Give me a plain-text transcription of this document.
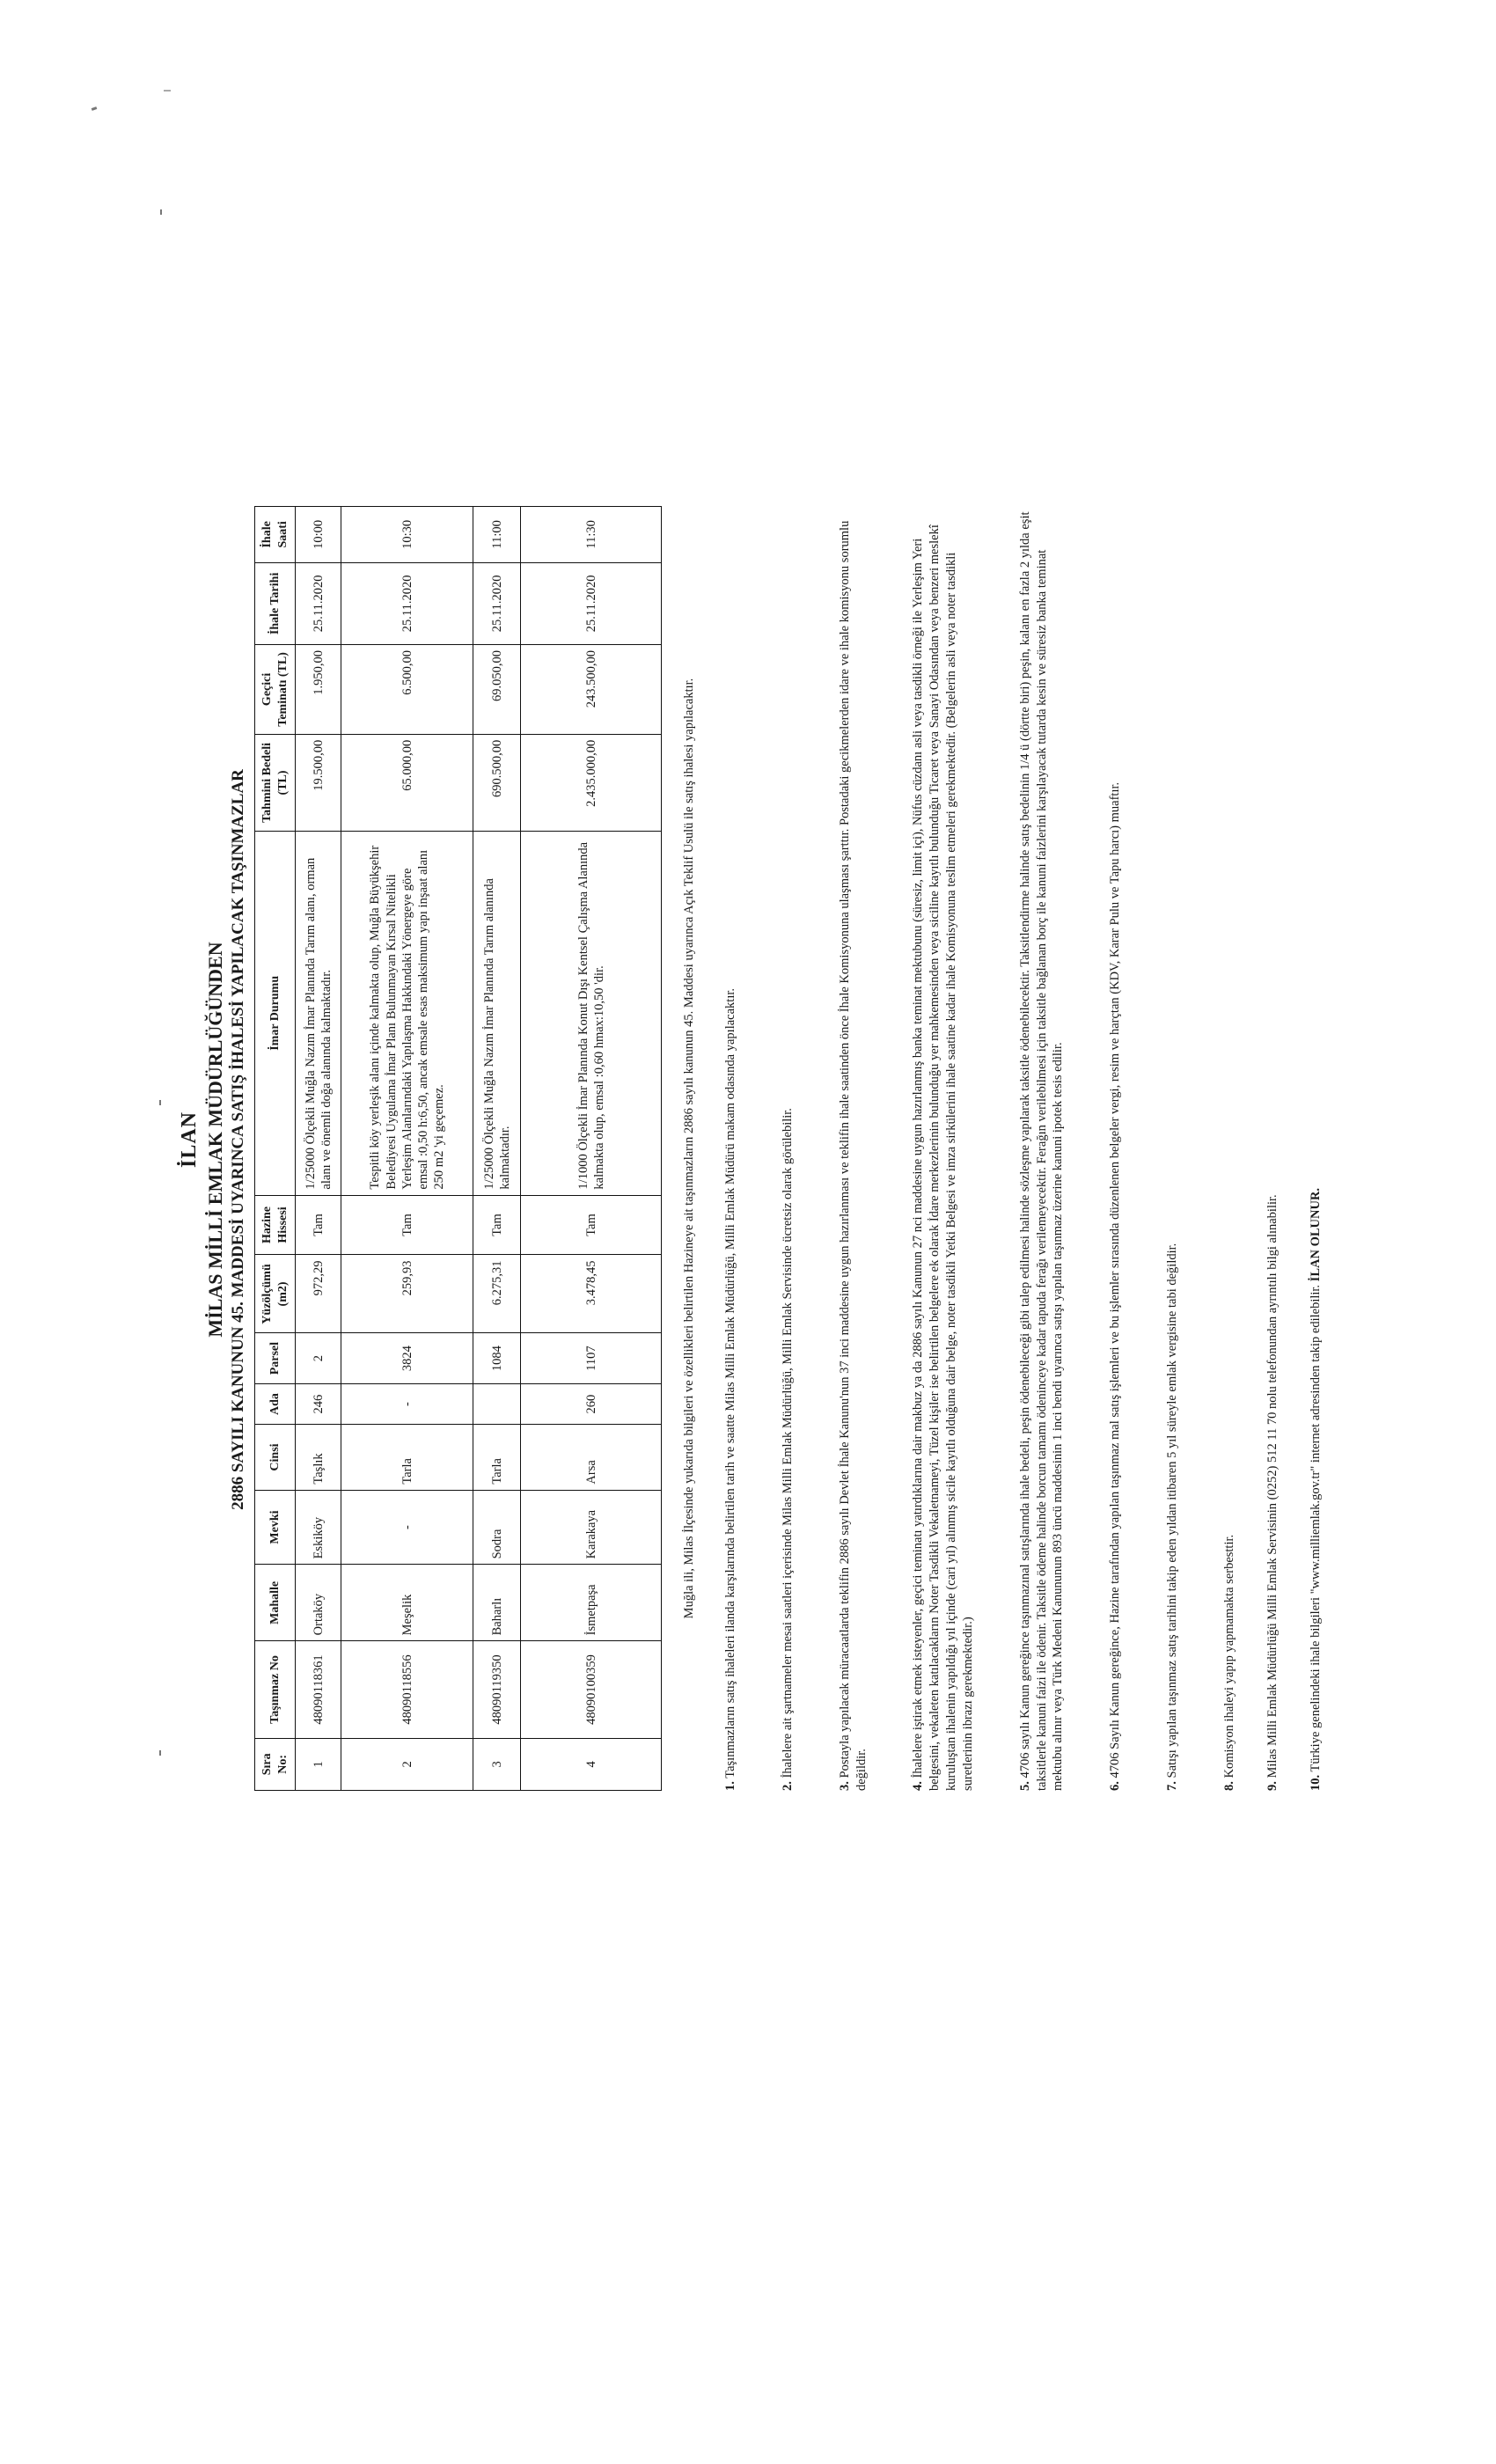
İLAN MİLAS MİLLİ EMLAK MÜDÜRLÜĞÜNDEN 2886 SAYILI KANUNUN 45. MADDESİ UYARINCA SATIŞ İHALESİ YAPILACAK TAŞINMAZLAR
Sıra No:	Taşınmaz No	Mahalle	Mevki	Cinsi	Ada	Parsel	Yüzölçümü (m2)	Hazine Hissesi	İmar Durumu	Tahmini Bedeli (TL)	Geçici Teminatı (TL)	İhale Tarihi	İhale Saati
1	48090118361	Ortaköy	Eskiköy	Taşlık	246	2	972,29	Tam	1/25000 Ölçekli Muğla Nazım İmar Planında Tarım alanı, orman alanı ve önemli doğa alanında kalmaktadır.	19.500,00	1.950,00	25.11.2020	10:00
2	48090118556	Meşelik	-	Tarla	-	3824	259,93	Tam	Tespitli köy yerleşik alanı içinde kalmakta olup, Muğla Büyükşehir Belediyesi Uygulama İmar Planı Bulunmayan Kırsal Nitelikli Yerleşim Alanlarındaki Yapılaşma Hakkındaki Yönergeye göre emsal :0,50 h:6,50, ancak emsale esas maksimum yapı inşaat alanı 250 m2 'yi geçemez.	65.000,00	6.500,00	25.11.2020	10:30
3	48090119350	Baharlı	Sodra	Tarla		1084	6.275,31	Tam	1/25000 Ölçekli Muğla Nazım İmar Planında Tarım alanında kalmaktadır.	690.500,00	69.050,00	25.11.2020	11:00
4	48090100359	İsmetpaşa	Karakaya	Arsa	260	1107	3.478,45	Tam	1/1000 Ölçekli İmar Planında Konut Dışı Kentsel Çalışma Alanında kalmakta olup, emsal :0,60 hmax:10,50 'dir.	2.435.000,00	243.500,00	25.11.2020	11:30

Muğla ili, Milas İlçesinde yukarıda bilgileri ve özellikleri belirtilen Hazineye ait taşınmazların 2886 sayılı kanunun 45. Maddesi uyarınca Açık Teklif Usulü ile satış ihalesi yapılacaktır.

1. Taşınmazların satış ihaleleri ilanda karşılarında belirtilen tarih ve saatte Milas Milli Emlak Müdürlüğü, Milli Emlak Müdürü makam odasında yapılacaktır.

2. İhalelere ait şartnameler mesai saatleri içerisinde Milas Milli Emlak Müdürlüğü, Milli Emlak Servisinde ücretsiz olarak görülebilir.

3. Postayla yapılacak müracaatlarda teklifin 2886 sayılı Devlet İhale Kanunu'nun 37 inci maddesine uygun hazırlanması ve teklifin ihale saatinden önce İhale Komisyonuna ulaşması şarttır. Postadaki gecikmelerden idare ve ihale komisyonu sorumlu değildir.	4. İhalelere iştirak etmek isteyenler, geçici teminatı yatırdıklarına dair makbuz ya da 2886 sayılı Kanunun 27 nci maddesine uygun hazırlanmış banka teminat mektubunu (süresiz, limit içi), Nüfus cüzdanı asli veya tasdikli örneği ile Yerleşim Yeri belgesini, vekaleten katılacakların Noter Tasdikli Vekaletnameyi, Tüzel kişiler ise belirtilen belgelere ek olarak İdare merkezlerinin bulunduğu yer mahkemesinden veya siciline kayıtlı bulunduğu Ticaret veya Sanayi Odasından veya benzeri meslekî kuruluştan ihalenin yapıldığı yıl içinde (cari yıl) alınmış sicile kayıtlı olduğuna dair belge, noter tasdikli Yetki Belgesi ve imza sirkülerini ihale saatine kadar ihale Komisyonuna teslim etmeleri gerekmektedir. (Belgelerin asli veya noter tasdikli suretlerinin ibrazı gerekmektedir.)	5. 4706 sayılı Kanun gereğince taşınmazınal satışlarında ihale bedeli, peşin ödenebileceği gibi talep edilmesi halinde sözleşme yapılarak taksitle ödenebilecektir. Taksitlendirme halinde satış bedelinin 1/4 ü (dörtte biri) peşin, kalanı en fazla 2 yılda eşit taksitlerle kanuni faizi ile ödenir. Taksitle ödeme halinde borcun tamamı ödeninceye kadar tapuda ferağı verilemeyecektir. Ferağın verilebilmesi için taksitle bağlanan borç ile kanuni faizlerini karşılayacak tutarda kesin ve süresiz banka teminat mektubu alınır veya Türk Medeni Kanununun 893 üncü maddesinin 1 inci bendi uyarınca satışı yapılan taşınmaz üzerine kanuni ipotek tesis edilir.	6. 4706 Sayılı Kanun gereğince, Hazine tarafından yapılan taşınmaz mal satış işlemleri ve bu işlemler sırasında düzenlenen belgeler vergi, resim ve harçtan (KDV, Karar Pulu ve Tapu harcı) muaftır.

7. Satışı yapılan taşınmaz satış tarihini takip eden yıldan itibaren 5 yıl süreyle emlak vergisine tabi değildir.

8. Komisyon ihaleyi yapıp yapmamakta serbesttir.

9. Milas Milli Emlak Müdürlüğü Milli Emlak Servisinin (0252) 512 11 70 nolu telefonundan ayrıntılı bilgi alınabilir.

10. Türkiye genelindeki ihale bilgileri "www.milliemlak.gov.tr" internet adresinden takip edilebilir. İLAN OLUNUR.
